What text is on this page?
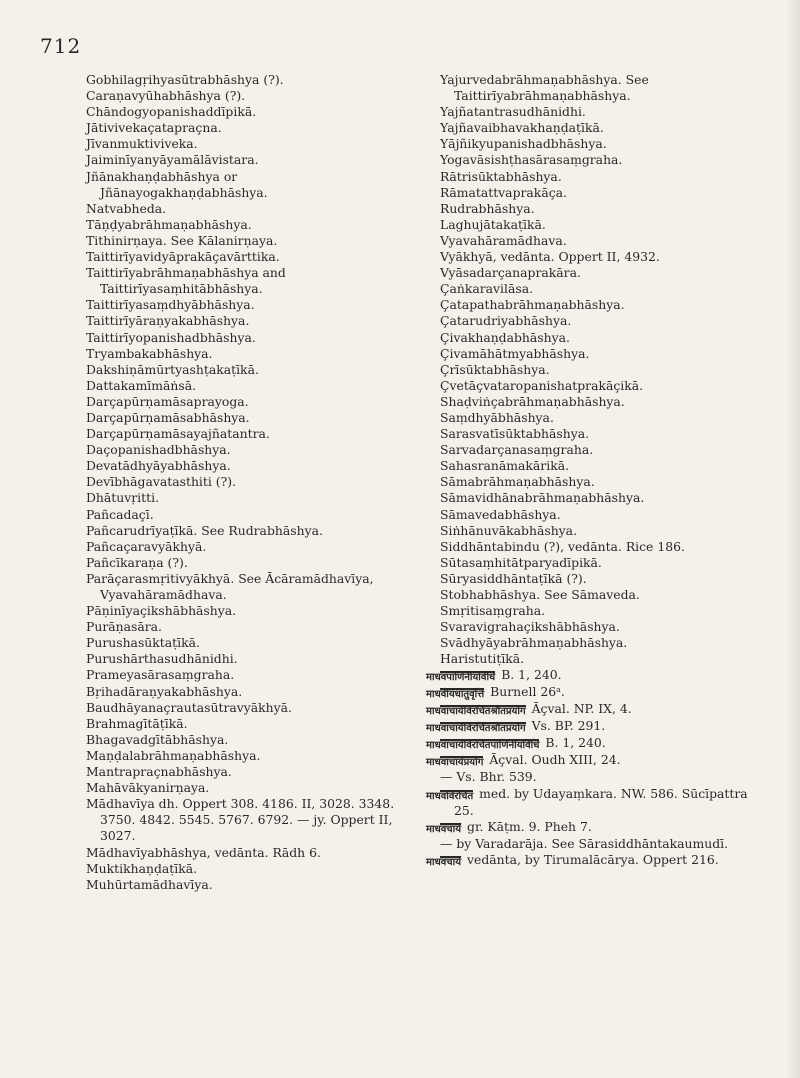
712

Gobhilagṛihyasūtrabhāshya (?).

Caraṇavyūhabhāshya (?).

Chāndogyopanishaddīpikā.

Jātivivekaçatapraçna.

Jīvanmuktiviveka.

Jaiminīyanyāyamālāvistara.

Jñānakhaṇḍabhāshya or Jñānayogakhaṇḍabhāshya.

Natvabheda.

Tāṇḍyabrāhmaṇabhāshya.

Tithinirṇaya. See Kālanirṇaya.

Taittirīyavidyāprakāçavārttika.

Taittirīyabrāhmaṇabhāshya and Taittirīyasaṃhitābhāshya.

Taittirīyasaṃdhyābhāshya.

Taittirīyāraṇyakabhāshya.

Taittirīyopanishadbhāshya.

Tryambakabhāshya.

Dakshiṇāmūrtyashṭakaṭīkā.

Dattakamīmāṅsā.

Darçapūrṇamāsaprayoga.

Darçapūrṇamāsabhāshya.

Darçapūrṇamāsayajñatantra.

Daçopanishadbhāshya.

Devatādhyāyabhāshya.

Devībhāgavatasthiti (?).

Dhātuvṛitti.

Pañcadaçī.

Pañcarudrīyaṭīkā. See Rudrabhāshya.

Pañcaçaravyākhyā.

Pañcīkaraṇa (?).

Parāçarasmṛitivyākhyā. See Ācāramādhavīya, Vyavahāramādhava.

Pāṇinīyaçikshābhāshya.

Purāṇasāra.

Purushasūktaṭīkā.

Purushārthasudhānidhi.

Prameyasārasaṃgraha.

Bṛihadāraṇyakabhāshya.

Baudhāyanaçrautasūtravyākhyā.

Brahmagītāṭīkā.

Bhagavadgītābhāshya.

Maṇḍalabrāhmaṇabhāshya.

Mantrapraçnabhāshya.

Mahāvākyanirṇaya.

Mādhavīya dh. Oppert 308. 4186. II, 3028. 3348. 3750. 4842. 5545. 5767. 6792. — jy. Oppert II, 3027.

Mādhavīyabhāshya, vedānta. Rādh 6.

Muktikhaṇḍaṭīkā.

Muhūrtamādhavīya.

Yajurvedabrāhmaṇabhāshya. See Taittirīyabrāhmaṇabhāshya.

Yajñatantrasudhānidhi.

Yajñavaibhavakhaṇḍaṭīkā.

Yājñikyupanishadbhāshya.

Yogavāsishṭhasārasaṃgraha.

Rātrisūktabhāshya.

Rāmatattvaprakāça.

Rudrabhāshya.

Laghujātakaṭīkā.

Vyavahāramādhava.

Vyākhyā, vedānta. Oppert II, 4932.

Vyāsadarçanaprakāra.

Çaṅkaravilāsa.

Çatapathabrāhmaṇabhāshya.

Çatarudriyabhāshya.

Çivakhaṇḍabhāshya.

Çivamāhātmyabhāshya.

Çrīsūktabhāshya.

Çvetāçvataropanishatprakāçikā.

Shaḍviṅçabrāhmaṇabhāshya.

Saṃdhyābhāshya.

Sarasvatīsūktabhāshya.

Sarvadarçanasaṃgraha.

Sahasranāmakārikā.

Sāmabrāhmaṇabhāshya.

Sāmavidhānabrāhmaṇabhāshya.

Sāmavedabhāshya.

Siṅhānuvākabhāshya.

Siddhāntabindu (?), vedānta. Rice 186.

Sūtasaṃhitātparyadīpikā.

Sūryasiddhāntaṭīkā (?).

Stobhabhāshya. See Sāmaveda.

Smṛitisaṃgraha.

Svaravigrahaçikshābhāshya.

Svādhyāyabrāhmaṇabhāshya.

Haristutiṭīkā.

माधवपाणिनीयविधि B. 1, 240.

माधवीयधातुवृत्ति Burnell 26ᵃ.

माधवाचार्यविरचितश्रौतप्रयोग Āçval. NP. IX, 4.

माधवाचार्यविरचितश्रौतप्रयोग Vs. BP. 291.

माधवाचार्यविरचितपाणिनीयविधि B. 1, 240.

माधवाचार्यप्रयोग Āçval. Oudh XIII, 24.

— Vs. Bhr. 539.

माधवविरचित med. by Udayaṃkara. NW. 586. Sūcīpattra 25.

माधवचार्य gr. Kāṭm. 9. Pheh 7.

— by Varadarāja. See Sārasiddhāntakaumudī.

माधवचार्य vedānta, by Tirumalācārya. Oppert 216.
